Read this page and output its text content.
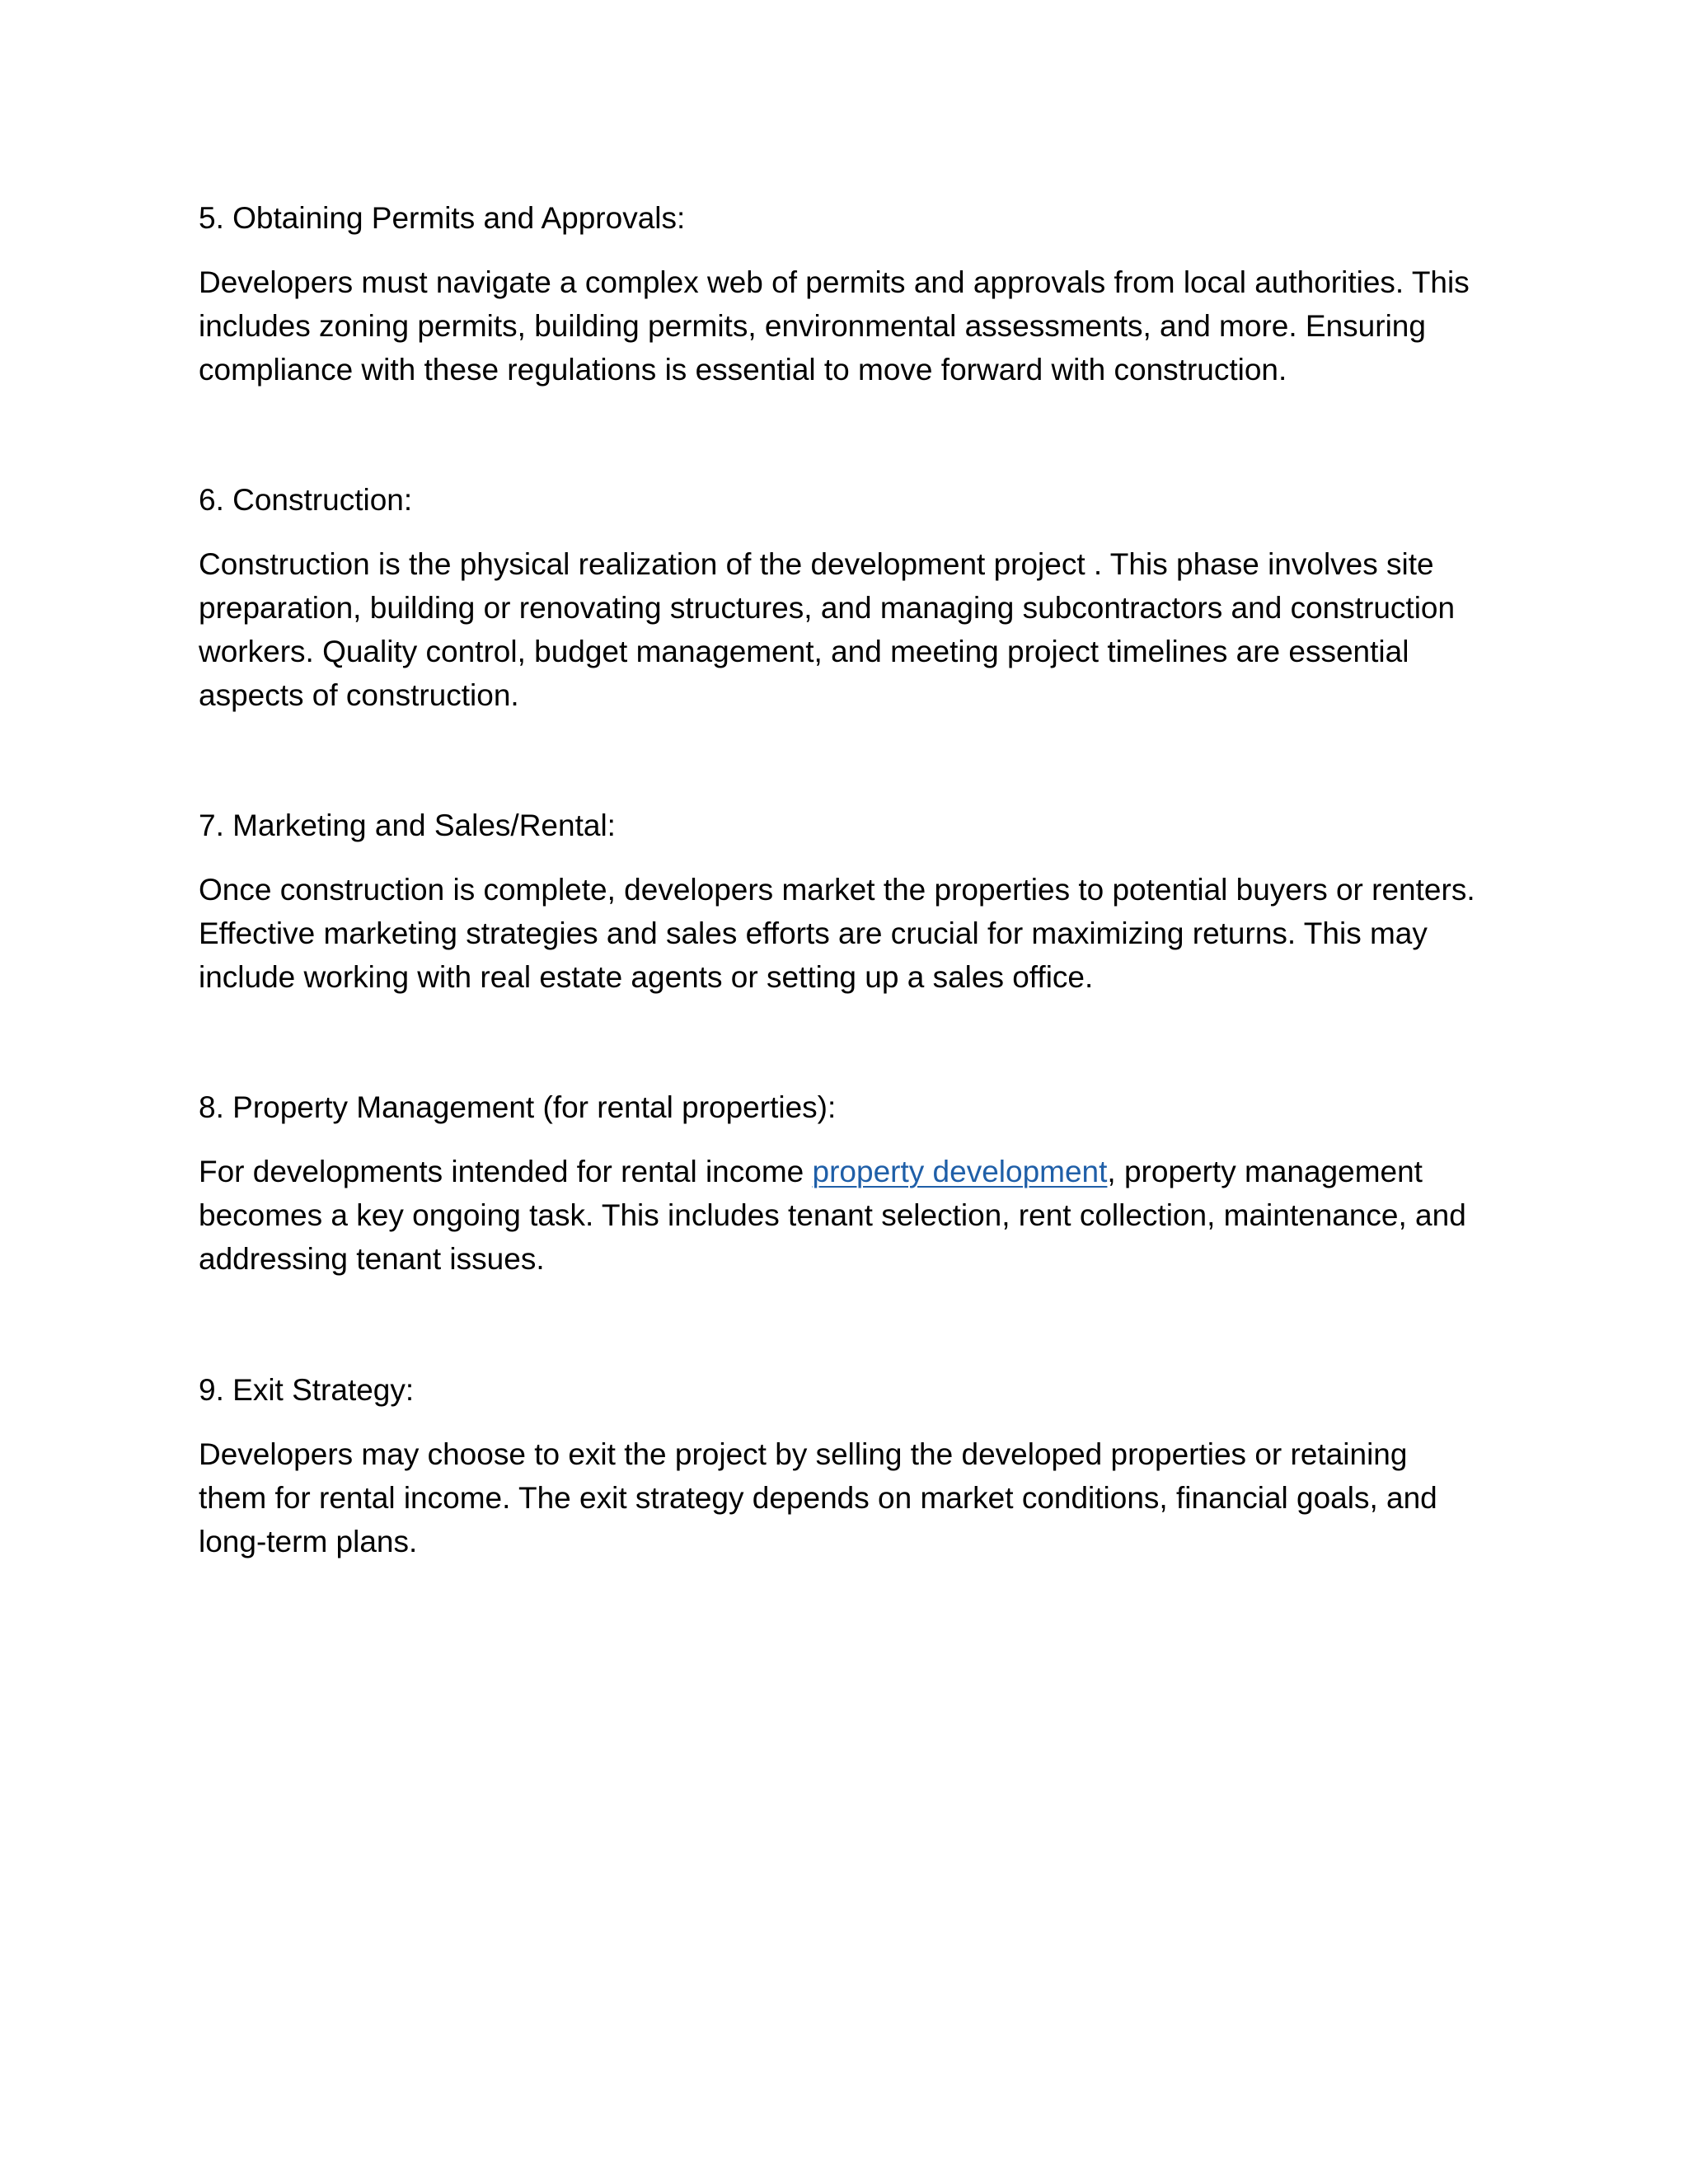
5. Obtaining Permits and Approvals:

Developers must navigate a complex web of permits and approvals from local authorities. This
includes zoning permits, building permits, environmental assessments, and more. Ensuring
compliance with these regulations is essential to move forward with construction.

6. Construction:

Construction is the physical realization of the development project . This phase involves site
preparation, building or renovating structures, and managing subcontractors and construction
workers. Quality control, budget management, and meeting project timelines are essential
aspects of construction.

7. Marketing and Sales/Rental:

Once construction is complete, developers market the properties to potential buyers or renters.
Effective marketing strategies and sales efforts are crucial for maximizing returns. This may
include working with real estate agents or setting up a sales office.

8. Property Management (for rental properties):

For developments intended for rental income property development, property management
becomes a key ongoing task. This includes tenant selection, rent collection, maintenance, and
addressing tenant issues.

9. Exit Strategy:

Developers may choose to exit the project by selling the developed properties or retaining
them for rental income. The exit strategy depends on market conditions, financial goals, and
long-term plans.
